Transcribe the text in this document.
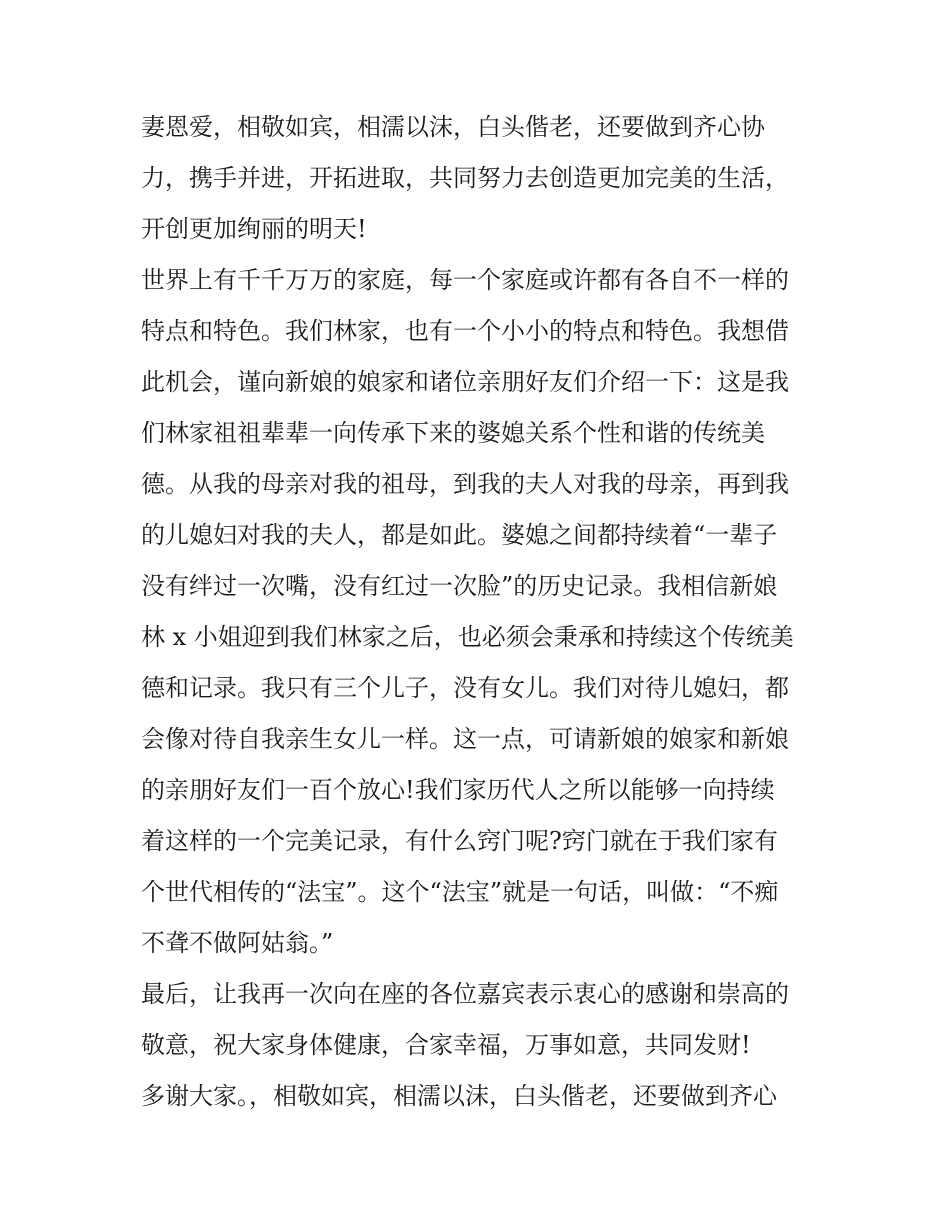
妻恩爱，相敬如宾，相濡以沫，白头偕老，还要做到齐心协
力，携手并进，开拓进取，共同努力去创造更加完美的生活，
开创更加绚丽的明天!
世界上有千千万万的家庭，每一个家庭或许都有各自不一样的
特点和特色。我们林家，也有一个小小的特点和特色。我想借
此机会，谨向新娘的娘家和诸位亲朋好友们介绍一下：这是我
们林家祖祖辈辈一向传承下来的婆媳关系个性和谐的传统美
德。从我的母亲对我的祖母，到我的夫人对我的母亲，再到我
的儿媳妇对我的夫人，都是如此。婆媳之间都持续着“一辈子
没有绊过一次嘴，没有红过一次脸”的历史记录。我相信新娘
林 x 小姐迎到我们林家之后，也必须会秉承和持续这个传统美
德和记录。我只有三个儿子，没有女儿。我们对待儿媳妇，都
会像对待自我亲生女儿一样。这一点，可请新娘的娘家和新娘
的亲朋好友们一百个放心!我们家历代人之所以能够一向持续
着这样的一个完美记录，有什么窍门呢?窍门就在于我们家有
个世代相传的“法宝”。这个“法宝”就是一句话，叫做：“不痴
不聋不做阿姑翁。”
最后，让我再一次向在座的各位嘉宾表示衷心的感谢和崇高的
敬意，祝大家身体健康，合家幸福，万事如意，共同发财!
多谢大家。，相敬如宾，相濡以沫，白头偕老，还要做到齐心
